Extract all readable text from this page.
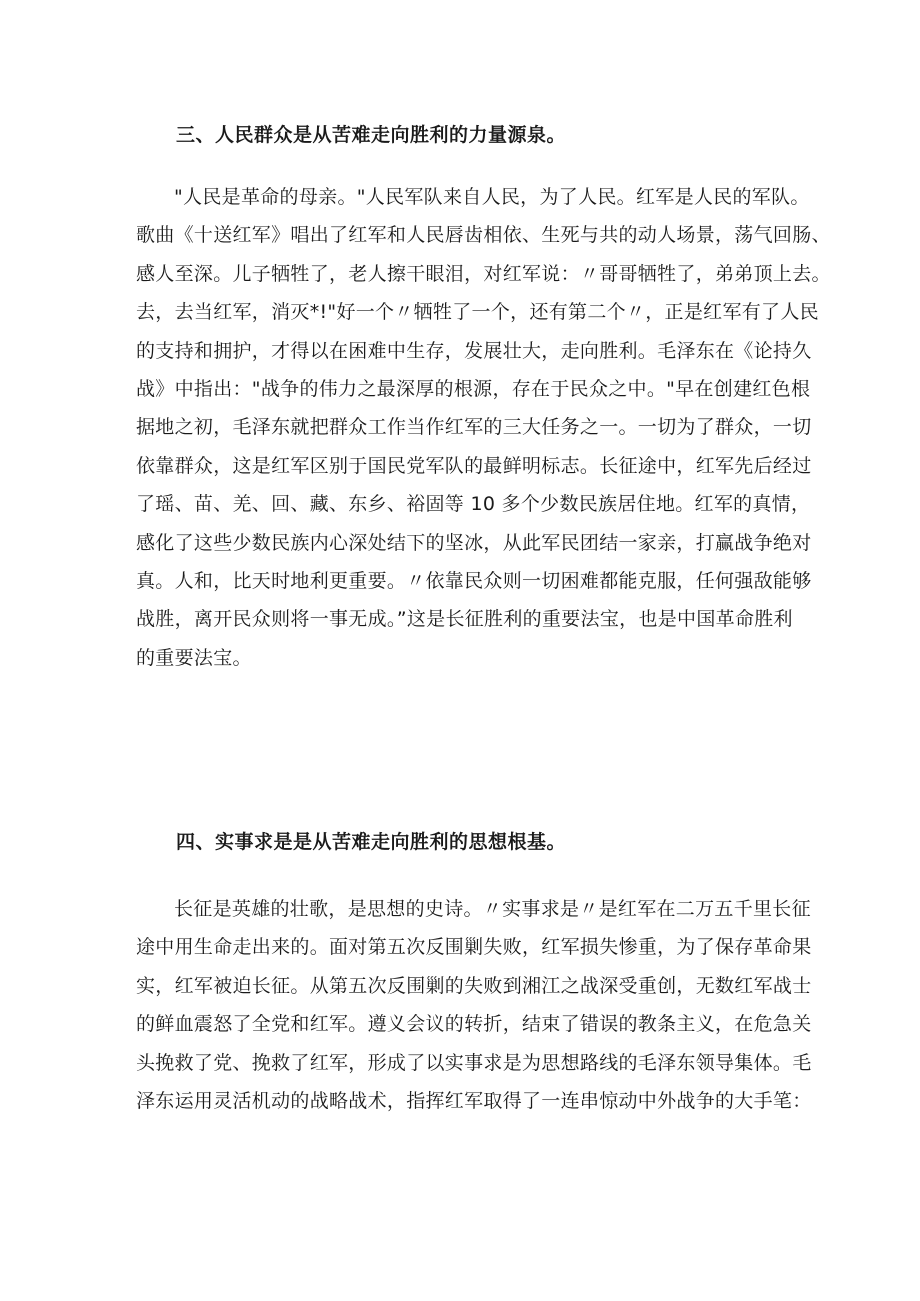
三、人民群众是从苦难走向胜利的力量源泉。
"人民是革命的母亲。"人民军队来自人民，为了人民。红军是人民的军队。
歌曲《十送红军》唱出了红军和人民唇齿相依、生死与共的动人场景，荡气回肠、
感人至深。儿子牺牲了，老人擦干眼泪，对红军说：〃哥哥牺牲了，弟弟顶上去。
去，去当红军，消灭*!"好一个〃牺牲了一个，还有第二个〃，正是红军有了人民
的支持和拥护，才得以在困难中生存，发展壮大，走向胜利。毛泽东在《论持久
战》中指出："战争的伟力之最深厚的根源，存在于民众之中。"早在创建红色根
据地之初，毛泽东就把群众工作当作红军的三大任务之一。一切为了群众，一切
依靠群众，这是红军区别于国民党军队的最鲜明标志。长征途中，红军先后经过
了瑶、苗、羌、回、藏、东乡、裕固等 10 多个少数民族居住地。红军的真情，
感化了这些少数民族内心深处结下的坚冰，从此军民团结一家亲，打赢战争绝对
真。人和，比天时地利更重要。〃依靠民众则一切困难都能克服，任何强敌能够
战胜，离开民众则将一事无成。”这是长征胜利的重要法宝，也是中国革命胜利
的重要法宝。
四、实事求是是从苦难走向胜利的思想根基。
长征是英雄的壮歌，是思想的史诗。〃实事求是〃是红军在二万五千里长征
途中用生命走出来的。面对第五次反围剿失败，红军损失惨重，为了保存革命果
实，红军被迫长征。从第五次反围剿的失败到湘江之战深受重创，无数红军战士
的鲜血震怒了全党和红军。遵义会议的转折，结束了错误的教条主义，在危急关
头挽救了党、挽救了红军，形成了以实事求是为思想路线的毛泽东领导集体。毛
泽东运用灵活机动的战略战术，指挥红军取得了一连串惊动中外战争的大手笔：
